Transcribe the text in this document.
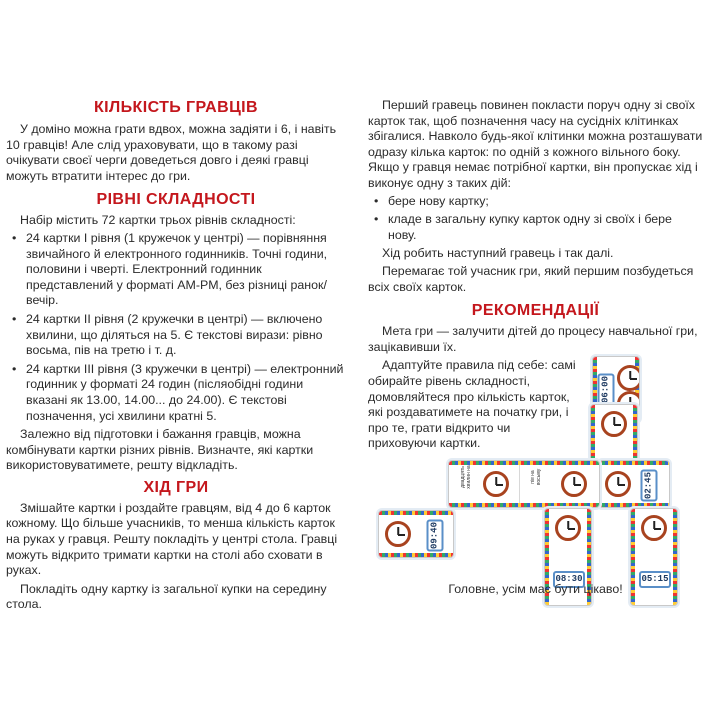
КІЛЬКІСТЬ ГРАВЦІВ

У доміно можна грати вдвох, можна задіяти і 6, і навіть 10 гравців! Але слід ураховувати, що в такому разі очікувати своєї черги доведеться довго і деякі гравці можуть втратити інтерес до гри.

РІВНІ СКЛАДНОСТІ

Набір містить 72 картки трьох рівнів складності:

• 24 картки І рівня (1 кружечок у центрі) — порівняння звичайного й електронного годинників. Точні години, половини і чверті. Електронний годинник представлений у форматі AM-PM, без різниці ранок/вечір.
• 24 картки ІІ рівня (2 кружечки в центрі) — включено хвилини, що діляться на 5. Є текстові вирази: рівно восьма, пів на третю і т. д.
• 24 картки ІІІ рівня (3 кружечки в центрі) — електронний годинник у форматі 24 годин (післяобідні години вказані як 13.00, 14.00... до 24.00). Є текстові позначення, усі хвилини кратні 5.

Залежно від підготовки і бажання гравців, можна комбінувати картки різних рівнів. Визначте, які картки використовуватимете, решту відкладіть.

ХІД ГРИ

Змішайте картки і роздайте гравцям, від 4 до 6 карток кожному. Що більше учасників, то менша кількість карток на руках у гравця. Решту покладіть у центрі стола. Гравці можуть відкрито тримати картки на столі або сховати в руках.

Покладіть одну картку із загальної купки на середину стола.

Перший гравець повинен покласти поруч одну зі своїх карток так, щоб позначення часу на сусідніх клітинках збігалися. Навколо будь-якої клітинки можна розташувати одразу кілька карток: по одній з кожного вільного боку. Якщо у гравця немає потрібної картки, він пропускає хід і виконує одну з таких дій:

• бере нову картку;
• кладе в загальну купку карток одну зі своїх і бере нову.

Хід робить наступний гравець і так далі.

Перемагає той учасник гри, який першим позбудеться всіх своїх карток.

РЕКОМЕНДАЦІЇ

Мета гри — залучити дітей до процесу навчальної гри, зацікавивши їх.

Адаптуйте правила під себе: самі обирайте рівень складності, домовляйтеся про кількість карток, які роздаватимете на початку гри, і про те, грати відкрито чи приховуючи картки.

06:00
02:45
05:15
двадцять хвилин на	пів на восьму
09:40
08:30

Головне, усім має бути цікаво!
